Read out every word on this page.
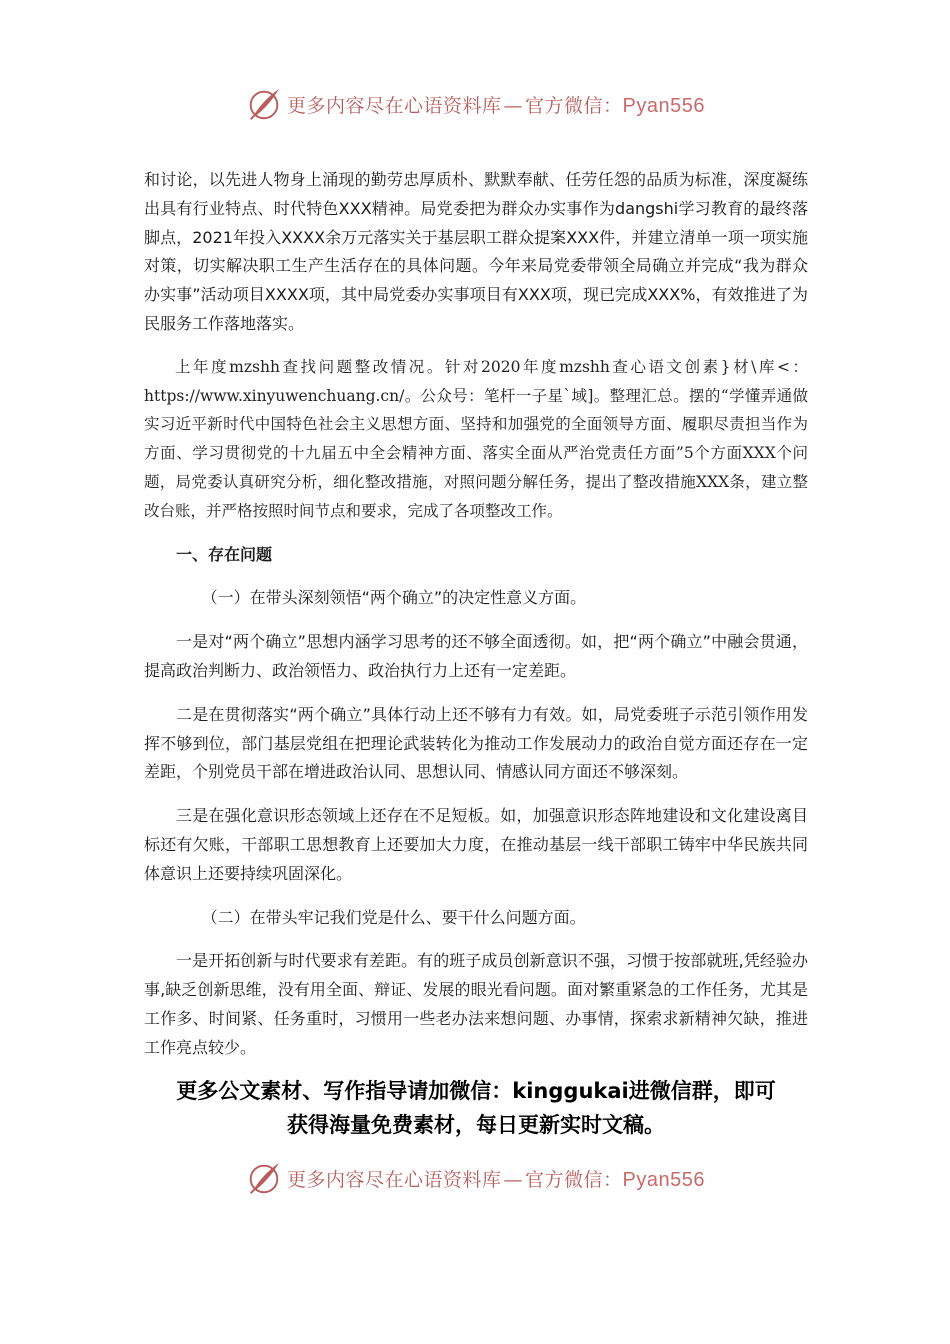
更多内容尽在心语资料库 — 官方微信：Pyan556

和讨论，以先进人物身上涌现的勤劳忠厚质朴、默默奉献、任劳任怨的品质为标准，深度凝练出具有行业特点、时代特色XXX精神。局党委把为群众办实事作为dangshi学习教育的最终落脚点，2021年投入XXXX余万元落实关于基层职工群众提案XXX件，并建立清单一项一项实施对策，切实解决职工生产生活存在的具体问题。今年来局党委带领全局确立并完成“我为群众办实事”活动项目XXXX项，其中局党委办实事项目有XXX项，现已完成XXX%，有效推进了为民服务工作落地落实。

上年度mzshh查找问题整改情况。针对2020年度mzshh查心语文创素}材\库<：https://www.xinyuwenchuang.cn/。公众号：笔杆一子星`域]。整理汇总。摆的“学懂弄通做实习近平新时代中国特色社会主义思想方面、坚持和加强党的全面领导方面、履职尽责担当作为方面、学习贯彻党的十九届五中全会精神方面、落实全面从严治党责任方面”5个方面XXX个问题，局党委认真研究分析，细化整改措施，对照问题分解任务，提出了整改措施XXX条，建立整改台账，并严格按照时间节点和要求，完成了各项整改工作。

一、存在问题

（一）在带头深刻领悟“两个确立”的决定性意义方面。

一是对“两个确立”思想内涵学习思考的还不够全面透彻。如，把“两个确立”中融会贯通，提高政治判断力、政治领悟力、政治执行力上还有一定差距。

二是在贯彻落实“两个确立”具体行动上还不够有力有效。如，局党委班子示范引领作用发挥不够到位，部门基层党组在把理论武装转化为推动工作发展动力的政治自觉方面还存在一定差距，个别党员干部在增进政治认同、思想认同、情感认同方面还不够深刻。

三是在强化意识形态领域上还存在不足短板。如，加强意识形态阵地建设和文化建设离目标还有欠账，干部职工思想教育上还要加大力度，在推动基层一线干部职工铸牢中华民族共同体意识上还要持续巩固深化。

（二）在带头牢记我们党是什么、要干什么问题方面。

一是开拓创新与时代要求有差距。有的班子成员创新意识不强，习惯于按部就班,凭经验办事,缺乏创新思维，没有用全面、辩证、发展的眼光看问题。面对繁重紧急的工作任务，尤其是工作多、时间紧、任务重时，习惯用一些老办法来想问题、办事情，探索求新精神欠缺，推进工作亮点较少。

更多公文素材、写作指导请加微信：kinggukai进微信群，即可
获得海量免费素材，每日更新实时文稿。
更多内容尽在心语资料库 — 官方微信：Pyan556
